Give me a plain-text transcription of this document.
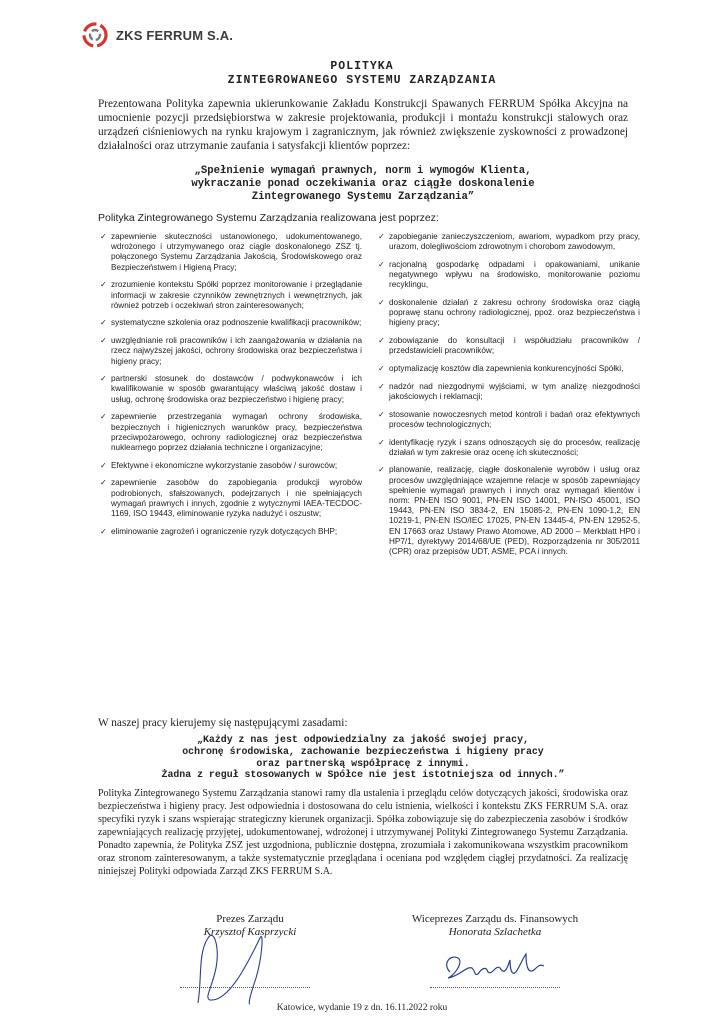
ZKS FERRUM S.A.
POLITYKA
ZINTEGROWANEGO SYSTEMU ZARZĄDZANIA
Prezentowana Polityka zapewnia ukierunkowanie Zakładu Konstrukcji Spawanych FERRUM Spółka Akcyjna na umocnienie pozycji przedsiębiorstwa w zakresie projektowania, produkcji i montażu konstrukcji stalowych oraz urządzeń ciśnieniowych na rynku krajowym i zagranicznym, jak również zwiększenie zyskowności z prowadzonej działalności oraz utrzymanie zaufania i satysfakcji klientów poprzez:
„Spełnienie wymagań prawnych, norm i wymogów Klienta,
wykraczanie ponad oczekiwania oraz ciągłe doskonalenie
Zintegrowanego Systemu Zarządzania”
Polityka Zintegrowanego Systemu Zarządzania realizowana jest poprzez:
✓ zapewnienie skuteczności ustanowionego, udokumentowanego, wdrożonego i utrzymywanego oraz ciągle doskonalonego ZSZ tj. połączonego Systemu Zarządzania Jakością, Środowiskowego oraz Bezpieczeństwem i Higieną Pracy;
✓ zrozumienie kontekstu Spółki poprzez monitorowanie i przeglądanie informacji w zakresie czynników zewnętrznych i wewnętrznych, jak również potrzeb i oczekiwań stron zainteresowanych;
✓ systematyczne szkolenia oraz podnoszenie kwalifikacji pracowników;
✓ uwzględnianie roli pracowników i ich zaangażowania w działania na rzecz najwyższej jakości, ochrony środowiska oraz bezpieczeństwa i higieny pracy;
✓ partnerski stosunek do dostawców / podwykonawców i ich kwalifikowanie w sposób gwarantujący właściwą jakość dostaw i usług, ochronę środowiska oraz bezpieczeństwo i higienę pracy;
✓ zapewnienie przestrzegania wymagań ochrony środowiska, bezpiecznych i higienicznych warunków pracy, bezpieczeństwa przeciwpożarowego, ochrony radiologicznej oraz bezpieczeństwa nuklearnego poprzez działania techniczne i organizacyjne;
✓ Efektywne i ekonomiczne wykorzystanie zasobów / surowców;
✓ zapewnienie zasobów do zapobiegania produkcji wyrobów podrobionych, sfałszowanych, podejrzanych i nie spełniających wymagań prawnych i innych, zgodnie z wytycznymi IAEA-TECDOC-1169, ISO 19443, eliminowanie ryzyka nadużyć i oszustw;
✓ eliminowanie zagrożeń i ograniczenie ryzyk dotyczących BHP;
✓ zapobieganie zanieczyszczeniom, awariom, wypadkom przy pracy, urazom, dolegliwościom zdrowotnym i chorobom zawodowym,
✓ racjonalną gospodarkę odpadami i opakowaniami, unikanie negatywnego wpływu na środowisko, monitorowanie poziomu recyklingu,
✓ doskonalenie działań z zakresu ochrony środowiska oraz ciągłą poprawę stanu ochrony radiologicznej, ppoż. oraz bezpieczeństwa i higieny pracy;
✓ zobowiązanie do konsultacji i współudziału pracowników / przedstawicieli pracowników;
✓ optymalizację kosztów dla zapewnienia konkurencyjności Spółki,
✓ nadzór nad niezgodnymi wyjściami, w tym analizę niezgodności jakościowych i reklamacji;
✓ stosowanie nowoczesnych metod kontroli i badań oraz efektywnych procesów technologicznych;
✓ identyfikację ryzyk i szans odnoszących się do procesów, realizację działań w tym zakresie oraz ocenę ich skuteczności;
✓ planowanie, realizację, ciągłe doskonalenie wyrobów i usług oraz procesów uwzględniające wzajemne relacje w sposób zapewniający spełnienie wymagań prawnych i innych oraz wymagań klientów i norm: PN-EN ISO 9001, PN-EN ISO 14001, PN-ISO 45001, ISO 19443, PN-EN ISO 3834-2, EN 15085-2, PN-EN 1090-1,2, EN 10219-1, PN-EN ISO/IEC 17025, PN-EN 13445-4, PN-EN 12952-5, EN 17663 oraz Ustawy Prawo Atomowe, AD 2000 – Merkblatt HP0 i HP7/1, dyrektywy 2014/68/UE (PED), Rozporządzenia nr 305/2011 (CPR) oraz przepisów UDT, ASME, PCA i innych.
W naszej pracy kierujemy się następującymi zasadami:
„Każdy z nas jest odpowiedzialny za jakość swojej pracy,
ochronę środowiska, zachowanie bezpieczeństwa i higieny pracy
oraz partnerską współpracę z innymi.
Żadna z reguł stosowanych w Spółce nie jest istotniejsza od innych.”
Polityka Zintegrowanego Systemu Zarządzania stanowi ramy dla ustalenia i przeglądu celów dotyczących jakości, środowiska oraz bezpieczeństwa i higieny pracy. Jest odpowiednia i dostosowana do celu istnienia, wielkości i kontekstu ZKS FERRUM S.A. oraz specyfiki ryzyk i szans wspierając strategiczny kierunek organizacji. Spółka zobowiązuje się do zabezpieczenia zasobów i środków zapewniających realizację przyjętej, udokumentowanej, wdrożonej i utrzymywanej Polityki Zintegrowanego Systemu Zarządzania. Ponadto zapewnia, że Polityka ZSZ jest uzgodniona, publicznie dostępna, zrozumiała i zakomunikowana wszystkim pracownikom oraz stronom zainteresowanym, a także systematycznie przeglądana i oceniana pod względem ciągłej przydatności. Za realizację niniejszej Polityki odpowiada Zarząd ZKS FERRUM S.A.
Prezes Zarządu
Krzysztof Kasprzycki
Wiceprezes Zarządu ds. Finansowych
Honorata Szlachetka
Katowice, wydanie 19 z dn. 16.11.2022 roku
